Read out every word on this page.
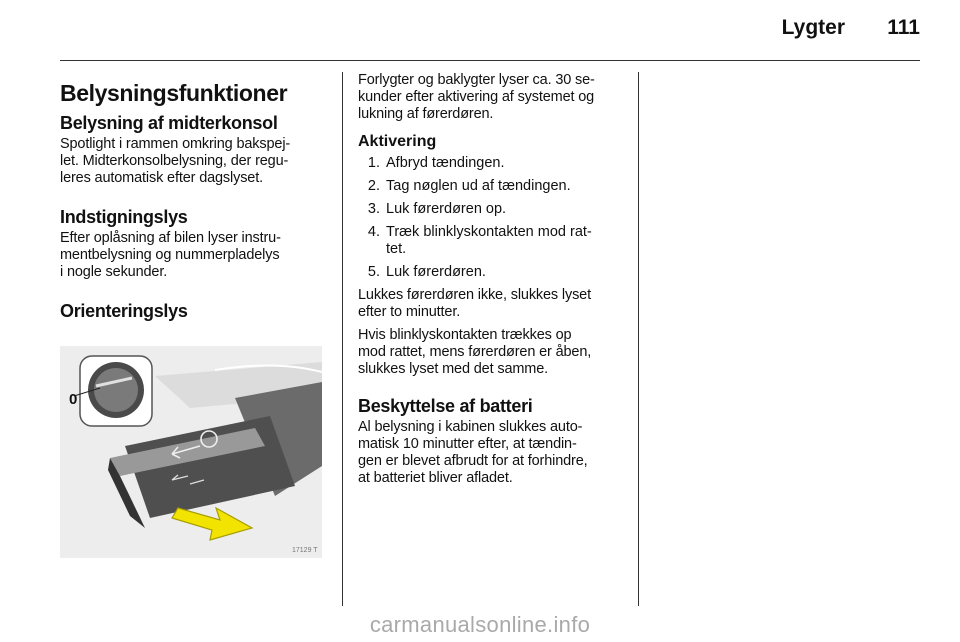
Lygter 111
Belysningsfunktioner
Belysning af midterkonsol
Spotlight i rammen omkring bakspej-
let. Midterkonsolbelysning, der regu-
leres automatisk efter dagslyset.
Indstigningslys
Efter oplåsning af bilen lyser instru-
mentbelysning og nummerpladelys
i nogle sekunder.
Orienteringslys
0
17129 T
Forlygter og baklygter lyser ca. 30 se-
kunder efter aktivering af systemet og
lukning af førerdøren.
Aktivering
1. Afbryd tændingen.
2. Tag nøglen ud af tændingen.
3. Luk førerdøren op.
4. Træk blinklyskontakten mod rat-
tet.
5. Luk førerdøren.
Lukkes førerdøren ikke, slukkes lyset
efter to minutter.
Hvis blinklyskontakten trækkes op
mod rattet, mens førerdøren er åben,
slukkes lyset med det samme.
Beskyttelse af batteri
Al belysning i kabinen slukkes auto-
matisk 10 minutter efter, at tændin-
gen er blevet afbrudt for at forhindre,
at batteriet bliver afladet.
carmanualsonline.info
